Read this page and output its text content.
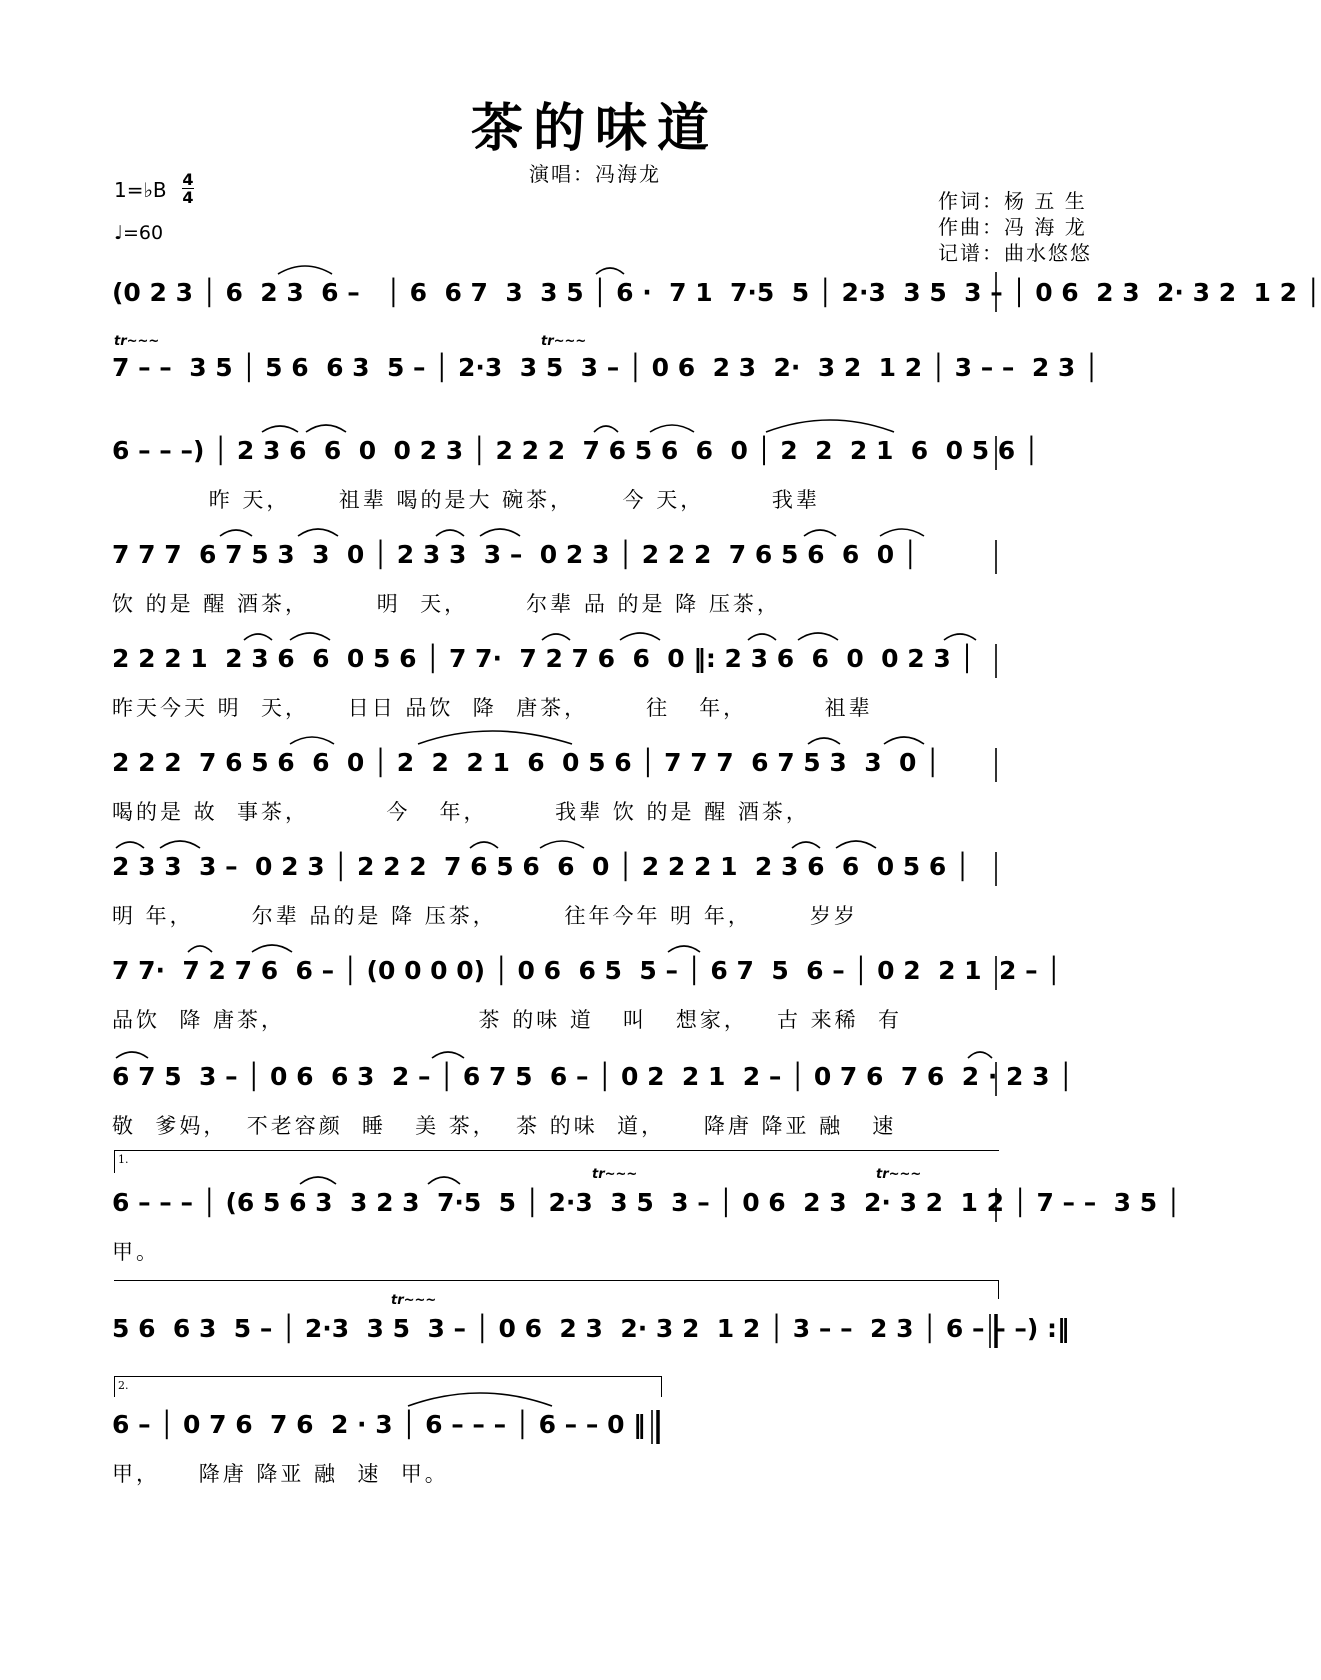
茶的味道
演唱：冯海龙
1=♭B 4
4
♩=60
作词：杨 五 生
作曲：冯 海 龙
记谱：曲水悠悠
(0 2 3 │ 6  2 3  6 –   │ 6  6 7  3  3 5 │ 6 ·  7 1  7·5  5 │ 2·3  3 5  3 – │ 0 6  2 3  2· 3 2  1 2 │
7 – –  3 5 │ 5 6  6 3  5 – │ 2·3  3 5  3 – │ 0 6  2 3  2·  3 2  1 2 │ 3 – –  2 3 │
6 – – –) │ 2 3 6  6  0  0 2 3 │ 2 2 2  7 6 5 6  6  0 │ 2  2  2 1  6  0 5 6 │
昨 天，     祖辈 喝的是大 碗茶，     今 天，       我辈
7 7 7  6 7 5 3  3  0 │ 2 3 3  3 –  0 2 3 │ 2 2 2  7 6 5 6  6  0 │
饮 的是 醒 酒茶，       明  天，      尔辈 品 的是 降 压茶，
2 2 2 1  2 3 6  6  0 5 6 │ 7 7·  7 2 7 6  6  0 ‖: 2 3 6  6  0  0 2 3 │
昨天今天 明  天，    日日 品饮  降  唐茶，      往   年，        祖辈
2 2 2  7 6 5 6  6  0 │ 2  2  2 1  6  0 5 6 │ 7 7 7  6 7 5 3  3  0 │
喝的是 故  事茶，        今   年，       我辈 饮 的是 醒 酒茶，
2 3 3  3 –  0 2 3 │ 2 2 2  7 6 5 6  6  0 │ 2 2 2 1  2 3 6  6  0 5 6 │
明 年，      尔辈 品的是 降 压茶，       往年今年 明 年，      岁岁
7 7·  7 2 7 6  6 – │ (0 0 0 0) │ 0 6  6 5  5 – │ 6 7  5  6 – │ 0 2  2 1  2 – │
品饮  降 唐茶，                    茶 的味 道   叫   想家，   古 来稀  有
6 7 5  3 – │ 0 6  6 3  2 – │ 6 7 5  6 – │ 0 2  2 1  2 – │ 0 7 6  7 6  2 · 2 3 │
敬  爹妈，  不老容颜  睡   美 茶，  茶 的味  道，    降唐 降亚 融   速
1.
6 – – – │ (6 5 6 3  3 2 3  7·5  5 │ 2·3  3 5  3 – │ 0 6  2 3  2· 3 2  1 2 │ 7 – –  3 5 │
甲。
5 6  6 3  5 – │ 2·3  3 5  3 – │ 0 6  2 3  2· 3 2  1 2 │ 3 – –  2 3 │ 6 – – –) :‖
2.
6 – │ 0 7 6  7 6  2 · 3 │ 6 – – – │ 6 – – 0 ‖
甲，    降唐 降亚 融  速  甲。
tr~~~	tr~~~
tr~~~	tr~~~
tr~~~
